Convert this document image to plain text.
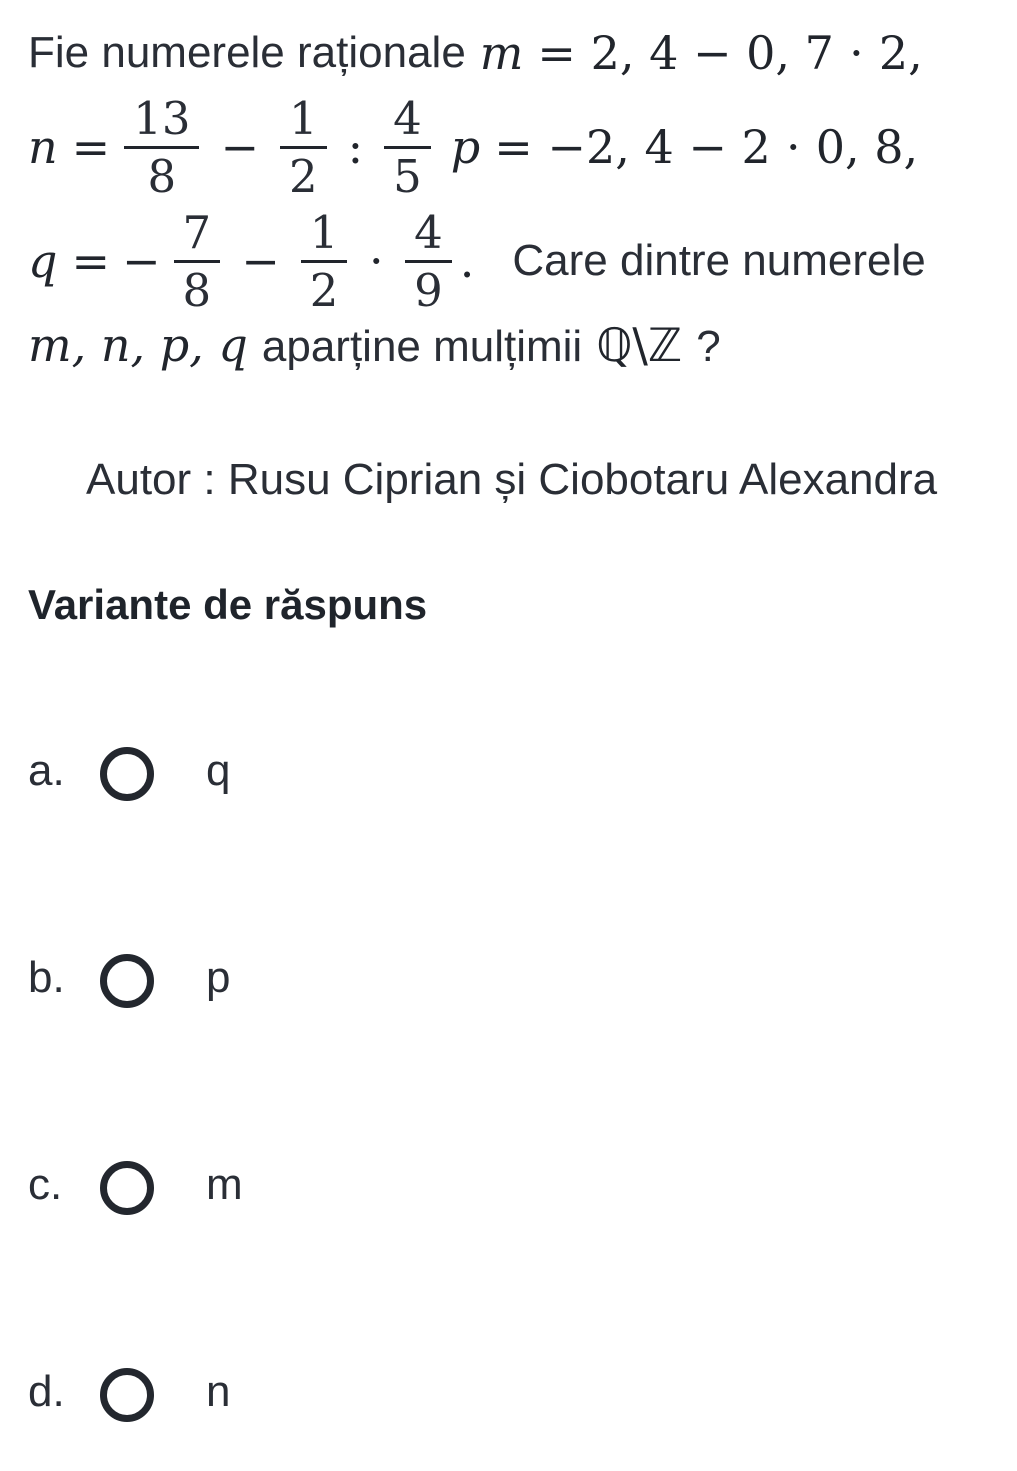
Fie numerele raționale m = 2, 4 − 0, 7 ⋅ 2,
$n = \frac{13}{8} - \frac{1}{2}$ : $\frac{4}{5}$ p = −2, 4 − 2 ⋅ 0, 8,
q = − $\frac{7}{8} - \frac{1}{2} \cdot \frac{4}{9}$ . Care dintre numerele
m, n, p, q aparține mulțimii ℚ\ℤ ?
Autor : Rusu Ciprian și Ciobotaru Alexandra
Variante de răspuns
a.	q
b.	p
c.	m
d.	n
